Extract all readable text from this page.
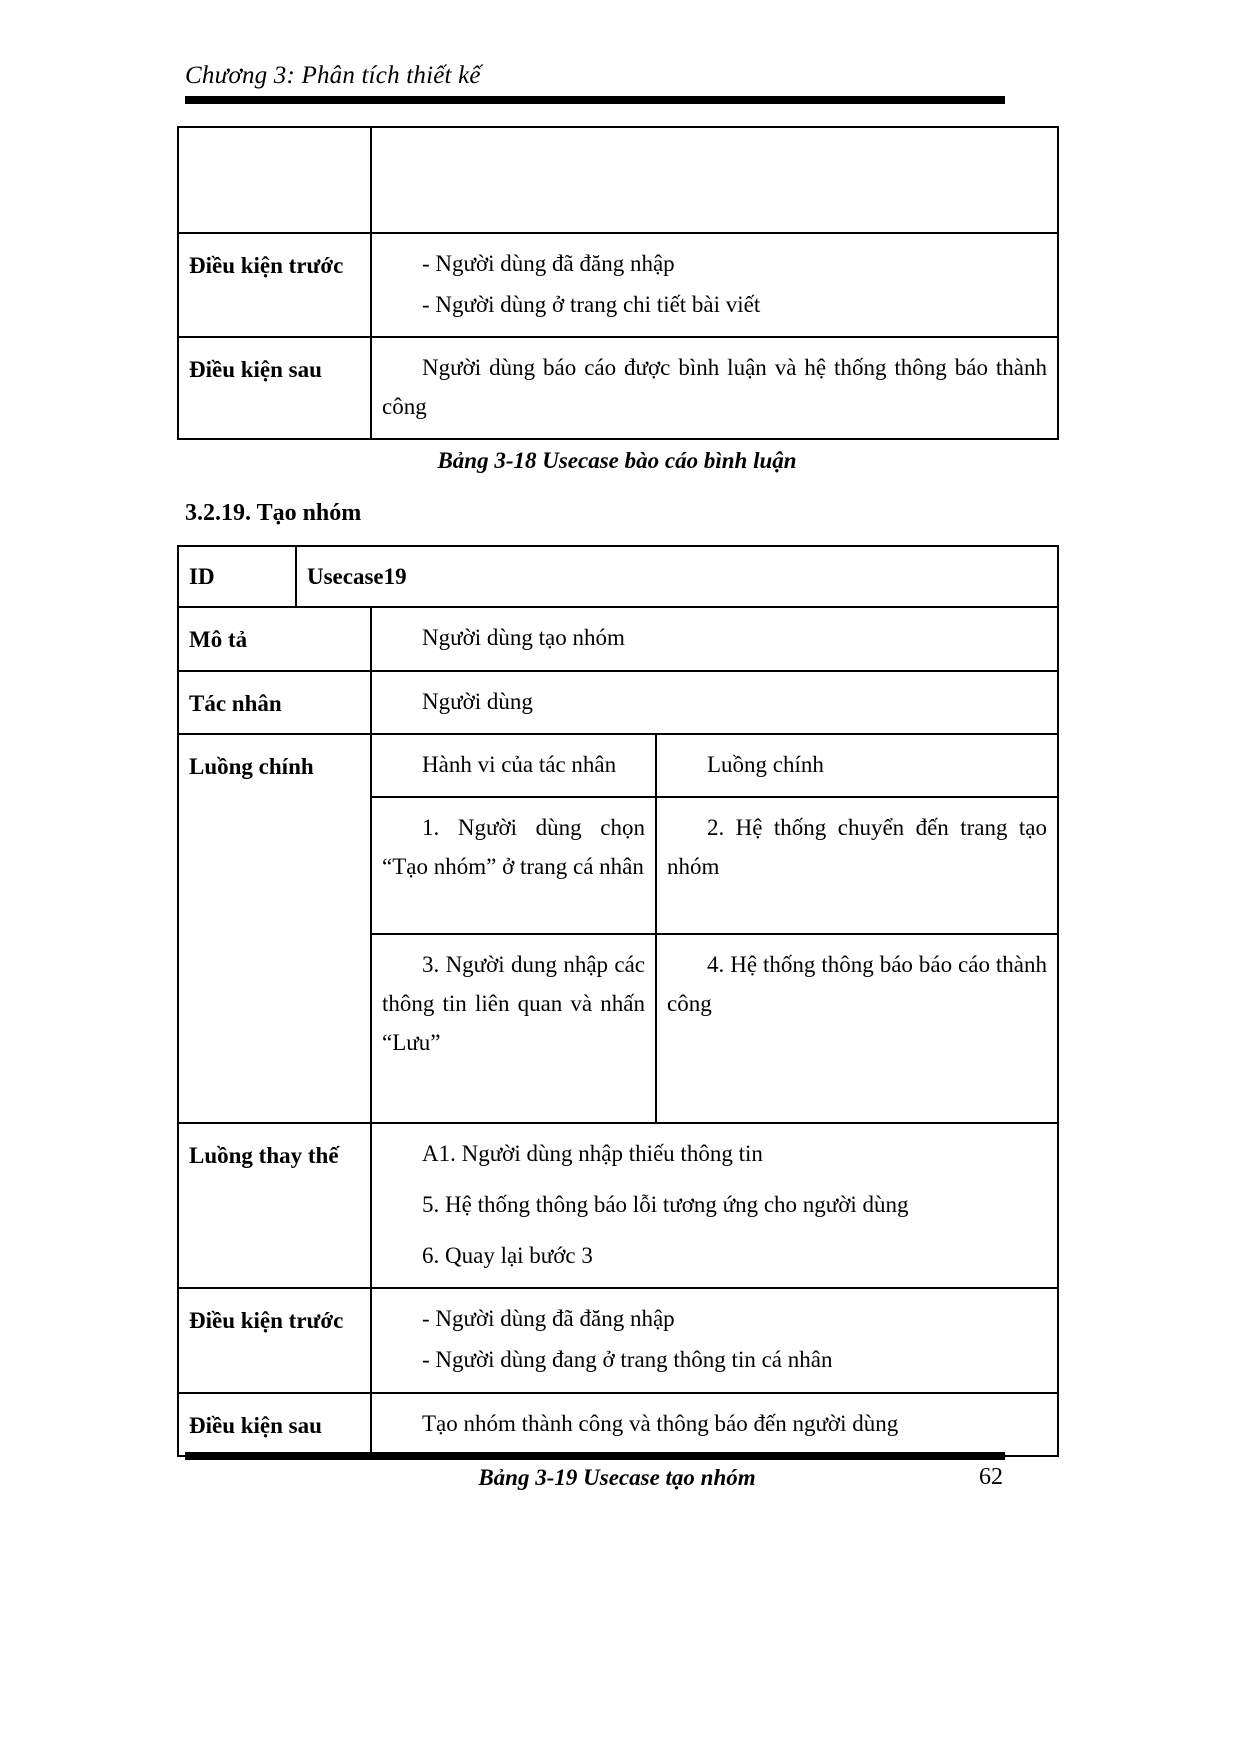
Chương 3: Phân tích thiết kế

Điều kiện trước	- Người dùng đã đăng nhập

- Người dùng ở trang chi tiết bài viết

Điều kiện sau	Người dùng báo cáo được bình luận và hệ thống thông báo thành công

Bảng 3-18 Usecase bào cáo bình luận
3.2.19. Tạo nhóm
ID	Usecase19		
Mô tả		Người dùng tạo nhóm	

Tác nhân		Người dùng	

Luồng chính		Hành vi của tác nhân	Luồng chính

		1. Người dùng chọn “Tạo nhóm” ở trang cá nhân	2. Hệ thống chuyển đến trang tạo nhóm

		3. Người dung nhập các thông tin liên quan và nhấn “Lưu”	4. Hệ thống thông báo báo cáo thành công

Luồng thay thế		A1. Người dùng nhập thiếu thông tin

5. Hệ thống thông báo lỗi tương ứng cho người dùng

6. Quay lại bước 3	

Điều kiện trước		- Người dùng đã đăng nhập

- Người dùng đang ở trang thông tin cá nhân	

Điều kiện sau		Tạo nhóm thành công và thông báo đến người dùng	

Bảng 3-19 Usecase tạo nhóm	62
